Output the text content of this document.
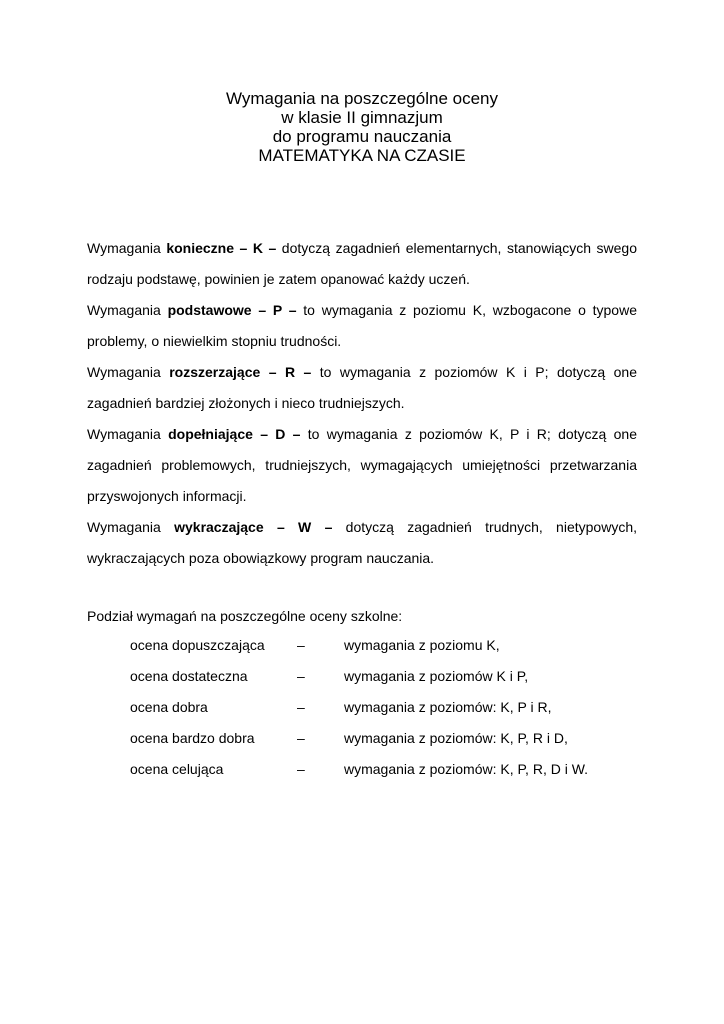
Wymagania na poszczególne oceny
w klasie II gimnazjum
do programu nauczania
MATEMATYKA NA CZASIE

Wymagania konieczne – K – dotyczą zagadnień elementarnych, stanowiących swego rodzaju podstawę, powinien je zatem opanować każdy uczeń.

Wymagania podstawowe – P – to wymagania z poziomu K, wzbogacone o typowe problemy, o niewielkim stopniu trudności.

Wymagania rozszerzające – R – to wymagania z poziomów K i P; dotyczą one zagadnień bardziej złożonych i nieco trudniejszych.

Wymagania dopełniające – D – to wymagania z poziomów K, P i R; dotyczą one zagadnień problemowych, trudniejszych, wymagających umiejętności przetwarzania przyswojonych informacji.

Wymagania wykraczające – W – dotyczą zagadnień trudnych, nietypowych, wykraczających poza obowiązkowy program nauczania.

Podział wymagań na poszczególne oceny szkolne:
ocena dopuszczająca –	wymagania z poziomu K,
ocena dostateczna	–	wymagania z poziomów K i P,
ocena dobra	–	wymagania z poziomów: K, P i R,
ocena bardzo dobra	–	wymagania z poziomów: K, P, R i D,
ocena celująca	–	wymagania z poziomów: K, P, R, D i W.
